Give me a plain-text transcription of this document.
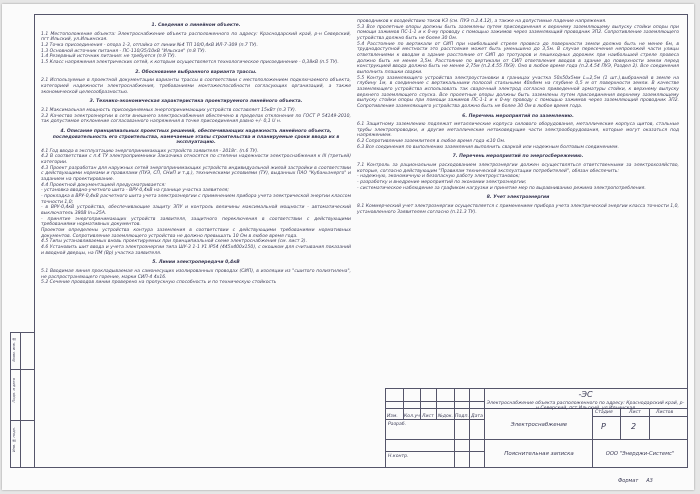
1. Сведения о линейном объекте.
1.1 Местоположение объекта: Электроснабжение объекта расположенного по адресу: Краснодарский край, р-н Северский, пгт Ильский, ул.Ильинская.
1.2 Точка присоединения - опора 1-3, отпайка от линии №4 ТП 10/0,4кВ ИЛ-7-309 (п.7 ТУ).
1.3 Основной источник питания - ПС-110/35/10кВ "Ильская" (п.8 ТУ).
1.4 Резервный источник питания: не требуется (п.9 ТУ).
1.5 Класс напряжения электрических сетей, к которым осуществляется технологическое присоединение - 0,38кВ (п.5 ТУ).
2. Обоснование выбранного варианта трассы.
2.1 Используемые в проектной документации варианты трассы в соответствии с местоположением подключаемого объекта, категорией надежности электроснабжения, требованиями монтажеспособности согласующих организаций, а также экономической целесообразностью.
3. Технико-экономическая характеристика проектируемого линейного объекта.
3.1 Максимальная мощность присоединяемых энергопринимающих устройств составляет 15кВт (п.3 ТУ).
3.2 Качество электроэнергии в сети внешнего электроснабжения обеспечено в пределах отклонения по ГОСТ Р 54149-2010, так допустимое отклонение согласованного напряжения в точке присоединения равно +/- 0,1 U н.
4. Описание принципиальных проектных решений, обеспечивающих надежность линейного объекта, последовательность его строительства, намечаемые этапы строительства и планируемые сроки ввода их в эксплуатацию.
4.1 Год ввода в эксплуатацию энергопринимающих устройств заявителя - 2018г. (п.6 ТУ).
4.2 В соответствии с п.4 ТУ электроприемники Заказчика относятся по степени надежности электроснабжения к III (третьей) категории.
4.3 Проект разработан для наружных сетей энергопринимающих устройств индивидуальной жилой застройки в соответствии с действующими нормами и правилами (ПУЭ, СП, СНиП и т.д.), техническими условиями (ТУ), выданных ПАО "Кубаньэнерго" и заданием на проектирование.
4.4 Проектной документацией предусматривается:
- установка вводно-учетного шита - ВРУ-0,4кВ на границе участка заявителя;
- прокладка в ВРУ-0,4кВ расчетного шита учета электроэнергии с применением прибора учета электрической энергии классом точности 1,0;
- в ВРУ-0,4кВ устройства, обеспечивающие защиту ЗПУ и контроль величины максимальной мощности - автоматический выключатель 380В In=25А.
- принятие энергопринимающих устройств заявителя, защитного переключения в соответствии с действующими требованиями нормативных документов.
Проектом определены устройства контура заземления в соответствии с действующими требованиями нормативных документов. Сопротивление заземляющего устройства не должно превышать 10 Ом в любое время года.
4.5 Типы устанавливаемых вновь проектируемых при принципиальной схеме электроснабжения (см. лист 3).
4.6 Установить шит ввода и учета электроэнергии типа ШУ-3 1-1 У1 IP54 (445х400х150), с окошком для считывания показаний и вводной дверцы, на ПМ (Вр) участка заявителя.
5. Линии электропередачи 0,4кВ
5.1 Вводимая линия прокладываемая на самонесущих изолированных проводах (СИП), в изоляции из "сшитого полиэтилена", не распространяющего горение, марки СИП-4 4х16.
5.2 Сечение проводов линии проверено на пропускную способность и по техническую стойкость
проводников к воздействию токов КЗ (см. ПУЭ п.2.4.12), а также на допустимые падение напряжения.
5.3 Все пролетные опоры должны быть заземлены путем присоединения к верхнему заземляющему выпуску стойки опоры при помощи зажимов ПС-1-1 и к 0-му проводу с помощью зажимов через заземляющий проводник ЗП2. Сопротивление заземляющего устройства должно быть не более 30 Ом.
5.4 Расстояние по вертикали от СИП при наибольшей стреле провеса до поверхности земли должно быть не менее 6м, в труднодоступной местности это расстояние может быть уменьшено до 3,5м. В случае пересечения непроезжей части улицы ответвлениями к вводам в здание расстояние от СИП до тротуаров и пешеходных дорожек при наибольшей стреле провеса должно быть не менее 3,5м. Расстояние по вертикали от СИП ответвления вводов в здание до поверхности земли перед конструкцией ввода должно быть не менее 2,75м (п.2.4.55 ПУЭ). Оно в любое время года (п.2.4.54 ПУЭ, Раздел 2). Все соединения выполнить плашки сварки.
5.5 Контур заземляющего устройства электроустановки в границах участка 50х50х5мм L=2,5м (1 шт.),выбранной в земле на глубину 1м, в соединение с вертикальными полосой стальными 40х4мм на глубине 0,5 м от поверхности земли. В качестве заземляющего устройства использовать так сварочный электрод согласно приведенной арматуры стойки, к верхнему выпуску верхнего заземляющего спуска. Все пролетные опоры должны быть заземлены путем присоединения верхнему заземляющему выпуску стойки опоры при помощи зажимов ПС-1-1 и к 0-му проводу с помощью зажимов через заземляющий проводник ЗП2. Сопротивление заземляющего устройства должно быть не более 30 Ом в любое время года.
6. Перечень мероприятий по заземлению.
6.1 Защитному заземлению подлежат металлические корпуса силового оборудования, металлические корпуса щитов, стальные трубы электропроводки, и другие металлические нетоковедущие части электрооборудования, которые могут оказаться под напряжением.
6.2 Сопротивление заземлителя в любое время года ≤10 Ом.
6.3 Все соединения по выполнению заземления выполнить сваркой или надежным болтовым соединением.
7. Перечень мероприятий по энергосбережению.
7.1 Контроль за рациональным расходованием электроэнергии должен осуществляться ответственными за электрохозяйство, которые, согласно действующим "Правилам технической эксплуатации потребителей", обязан обеспечить:
- надежную, экономичную и безопасную работу электроустановок;
- разработку и внедрение мероприятий по экономии электроэнергии;
- систематическое наблюдение за графиком нагрузки и принятие мер по выравниванию режима электропотребления.
8. Учет электроэнергии
8.1 Коммерческий учет электроэнергии осуществляется с применением прибора учета электрической энергии класса точности 1,0, установленного Заявителем согласно (п.11.3 ТУ).
Взам. инв. №
Подп. и дата
Инв. № подл.
Изм. Кол.уч Лист №док. Подп. Дата
Разраб.
Н.контр.
-ЭС
Электроснабжение объекта расположенного по адресу: Краснодарский край, р-н Северский, пгт.Ильский, ул.Ильинская
Электроснабжение
Пояснительная записка
Стадия	Лист	Листов
Р	2
ООО "Энерджи-Системс"
Формат А3
